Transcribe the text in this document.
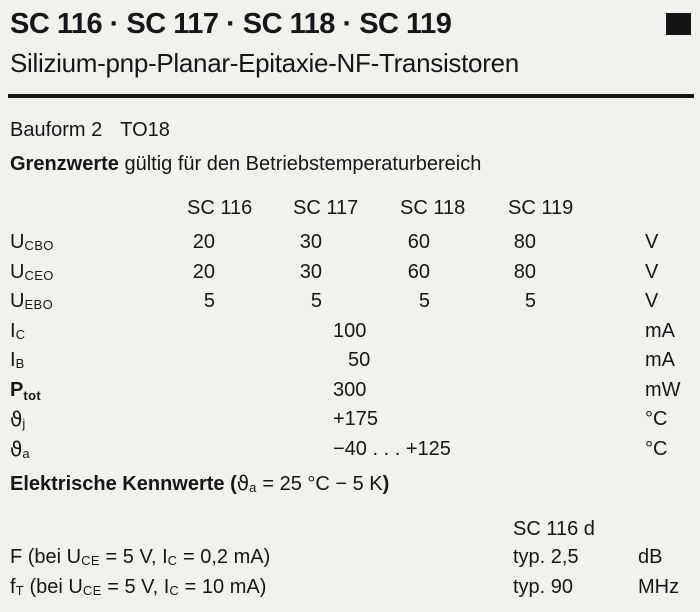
SC 116 · SC 117 · SC 118 · SC 119
Silizium-pnp-Planar-Epitaxie-NF-Transistoren
Bauform 2 TO18
Grenzwerte gültig für den Betriebstemperaturbereich
SC 116	SC 117	SC 118	SC 119
UCBO	20	30	60	80	V
UCEO	20	30	60	80	V
UEBO	5	5	5	5	V
IC	100	mA
IB	50	mA
$P_{tot}$	300	mW
ϑj	+175	°C
ϑa	−40 . . . +125	°C
Elektrische Kennwerte (ϑa = 25 °C − 5 K)
SC 116 d
F (bei UCE = 5 V, IC = 0,2 mA)	typ. 2,5	dB
fT (bei UCE = 5 V, IC = 10 mA)	typ. 90	MHz
